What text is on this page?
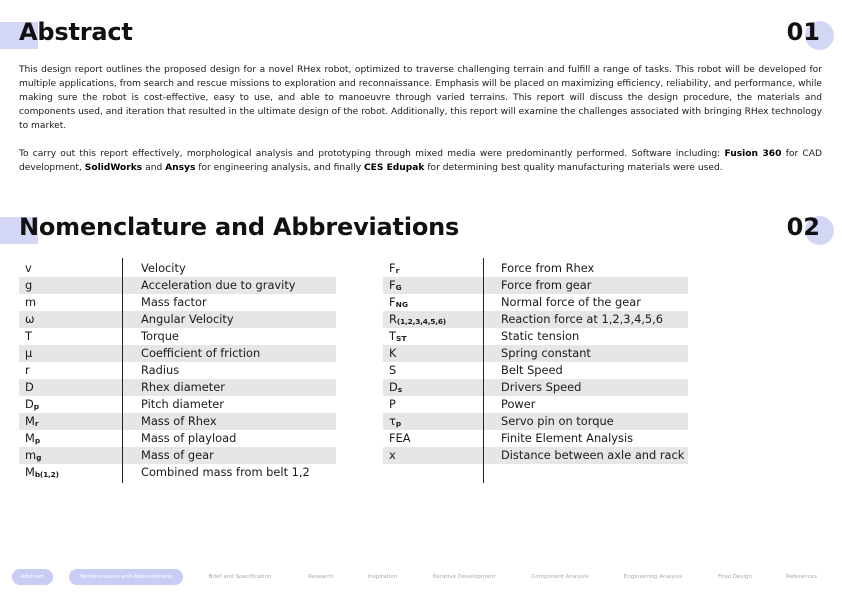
Abstract	01

This design report outlines the proposed design for a novel RHex robot, optimized to traverse challenging terrain and fulfill a range of tasks. This robot will be developed for multiple applications, from search and rescue missions to exploration and reconnaissance. Emphasis will be placed on maximizing efficiency, reliability, and performance, while making sure the robot is cost-effective, easy to use, and able to manoeuvre through varied terrains. This report will discuss the design procedure, the materials and components used, and iteration that resulted in the ultimate design of the robot. Additionally, this report will examine the challenges associated with bringing RHex technology to market.

To carry out this report effectively, morphological analysis and prototyping through mixed media were predominantly performed. Software including: Fusion 360 for CAD development, SolidWorks and Ansys for engineering analysis, and finally CES Edupak for determining best quality manufacturing materials were used.

Nomenclature and Abbreviations	02
v	Velocity
g	Acceleration due to gravity
m	Mass factor
ω	Angular Velocity
T	Torque
μ	Coefficient of friction
r	Radius
D	Rhex diameter
$D_p$	Pitch diameter
$M_r$	Mass of Rhex
$M_p$	Mass of playload
$m_g$	Mass of gear
$M_{b(1,2)}$	Combined mass from belt 1,2
$F_r$	Force from Rhex
$F_G$	Force from gear
$F_{NG}$	Normal force of the gear
$R_{(1,2,3,4,5,6)}$	Reaction force at 1,2,3,4,5,6
$T_{ST}$	Static tension
K	Spring constant
S	Belt Speed
$D_s$	Drivers Speed
P	Power
$\tau_p$	Servo pin on torque
FEA	Finite Element Analysis
x	Distance between axle and rack
Abstract	Nomenclature and Abbreviations	Brief and Specification	Research	Inspiration	Iterative Development	Component Analysis	Engineering Analysis	Final Design	References
